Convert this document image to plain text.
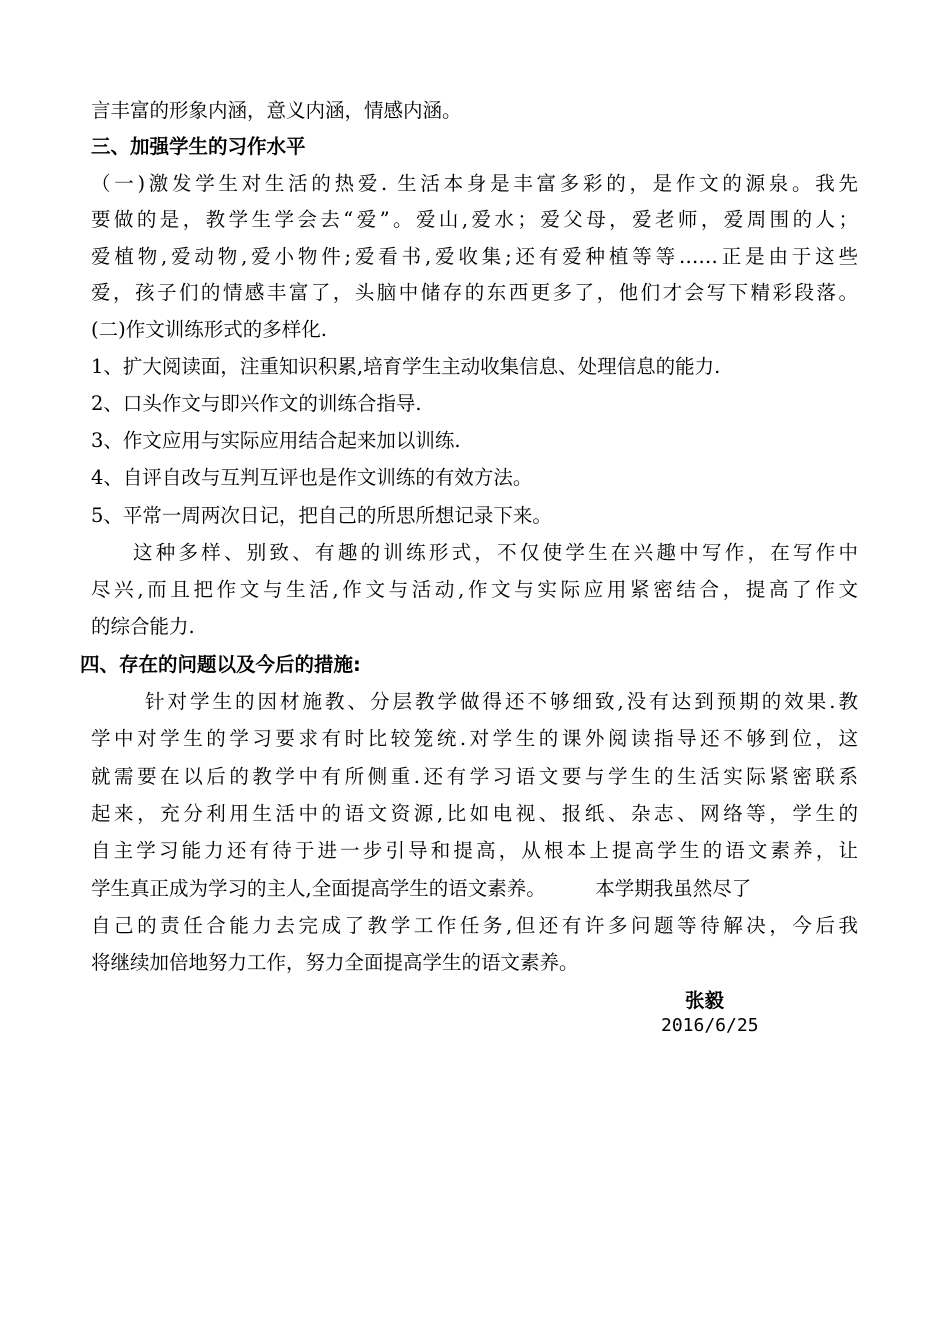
言丰富的形象内涵，意义内涵，情感内涵。

三、加强学生的习作水平

（一)激发学生对生活的热爱. 生活本身是丰富多彩的，是作文的源泉。我先

要做的是，教学生学会去“爱”。爱山,爱水；爱父母，爱老师，爱周围的人；

爱植物,爱动物,爱小物件;爱看书,爱收集;还有爱种植等等……正是由于这些

爱，孩子们的情感丰富了，头脑中储存的东西更多了，他们才会写下精彩段落。

(二)作文训练形式的多样化.

1、扩大阅读面，注重知识积累,培育学生主动收集信息、处理信息的能力.

2、口头作文与即兴作文的训练合指导.

3、作文应用与实际应用结合起来加以训练.

4、自评自改与互判互评也是作文训练的有效方法。

5、平常一周两次日记，把自己的所思所想记录下来。

这种多样、别致、有趣的训练形式，不仅使学生在兴趣中写作，在写作中

尽兴,而且把作文与生活,作文与活动,作文与实际应用紧密结合，提高了作文

的综合能力.

四、存在的问题以及今后的措施:

针对学生的因材施教、分层教学做得还不够细致,没有达到预期的效果.教

学中对学生的学习要求有时比较笼统.对学生的课外阅读指导还不够到位，这

就需要在以后的教学中有所侧重.还有学习语文要与学生的生活实际紧密联系

起来，充分利用生活中的语文资源,比如电视、报纸、杂志、网络等，学生的

自主学习能力还有待于进一步引导和提高，从根本上提高学生的语文素养，让

学生真正成为学习的主人,全面提高学生的语文素养。        本学期我虽然尽了

自己的责任合能力去完成了教学工作任务,但还有许多问题等待解决，今后我

将继续加倍地努力工作，努力全面提高学生的语文素养。

张毅

2016/6/25
